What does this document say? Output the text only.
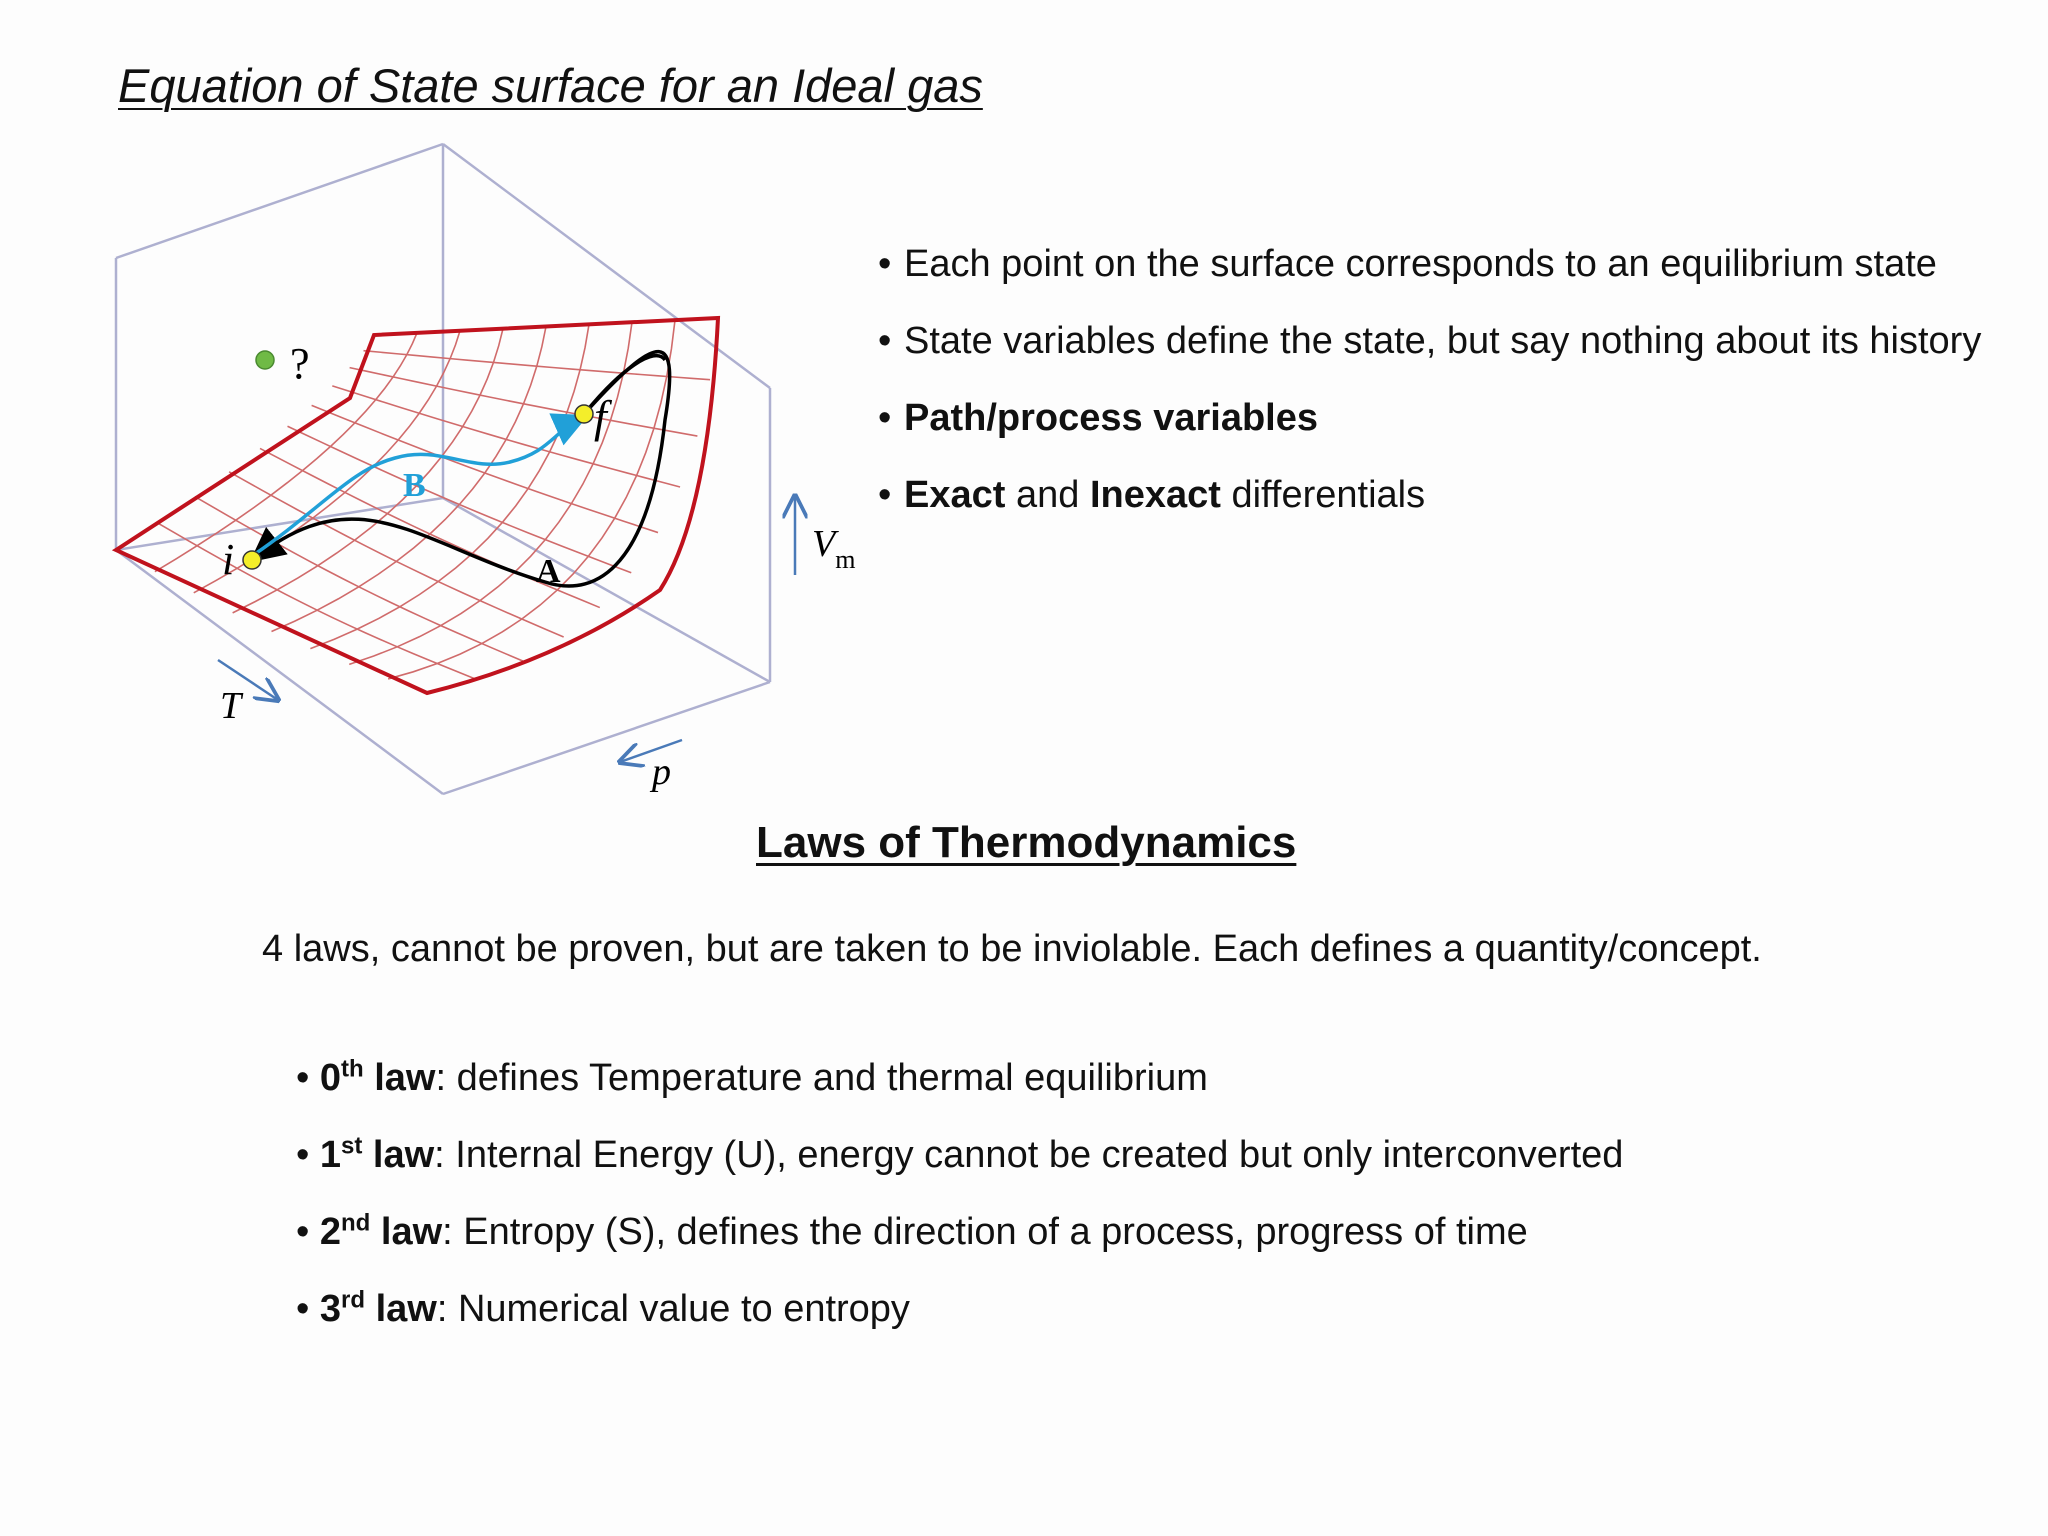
Equation of State surface for an Ideal gas
?
i
f
A
B
T
p
$V_m$
• Each point on the surface corresponds to an equilibrium state
• State variables define the state, but say nothing about its history
• Path/process variables
• Exact and Inexact differentials
Laws of Thermodynamics
4 laws, cannot be proven, but are taken to be inviolable. Each defines a quantity/concept.
• 0th law: defines Temperature and thermal equilibrium
• 1st law: Internal Energy (U), energy cannot be created but only interconverted
• 2nd law: Entropy (S), defines the direction of a process, progress of time
• 3rd law: Numerical value to entropy
